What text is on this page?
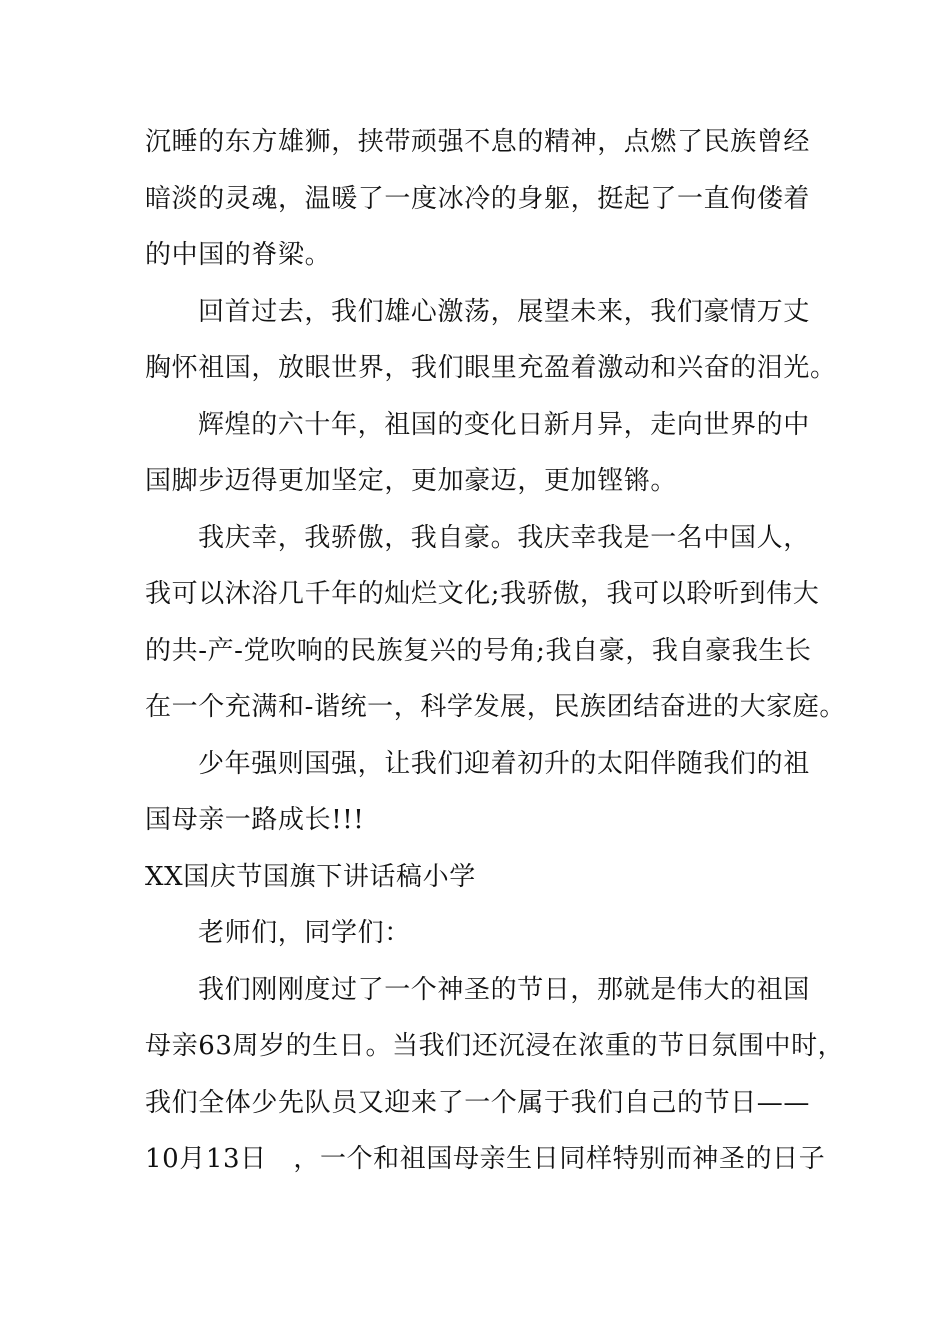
沉睡的东方雄狮，挟带顽强不息的精神，点燃了民族曾经
暗淡的灵魂，温暖了一度冰冷的身躯，挺起了一直佝偻着
的中国的脊梁。
回首过去，我们雄心激荡，展望未来，我们豪情万丈
胸怀祖国，放眼世界，我们眼里充盈着激动和兴奋的泪光。
辉煌的六十年，祖国的变化日新月异，走向世界的中
国脚步迈得更加坚定，更加豪迈，更加铿锵。
我庆幸，我骄傲，我自豪。我庆幸我是一名中国人，
我可以沐浴几千年的灿烂文化;我骄傲，我可以聆听到伟大
的共-产-党吹响的民族复兴的号角;我自豪，我自豪我生长
在一个充满和-谐统一，科学发展，民族团结奋进的大家庭。
少年强则国强，让我们迎着初升的太阳伴随我们的祖
国母亲一路成长!!!
XX国庆节国旗下讲话稿小学
老师们，同学们：
我们刚刚度过了一个神圣的节日，那就是伟大的祖国
母亲63周岁的生日。当我们还沉浸在浓重的节日氛围中时，
我们全体少先队员又迎来了一个属于我们自己的节日——
10月13日　，一个和祖国母亲生日同样特别而神圣的日子
